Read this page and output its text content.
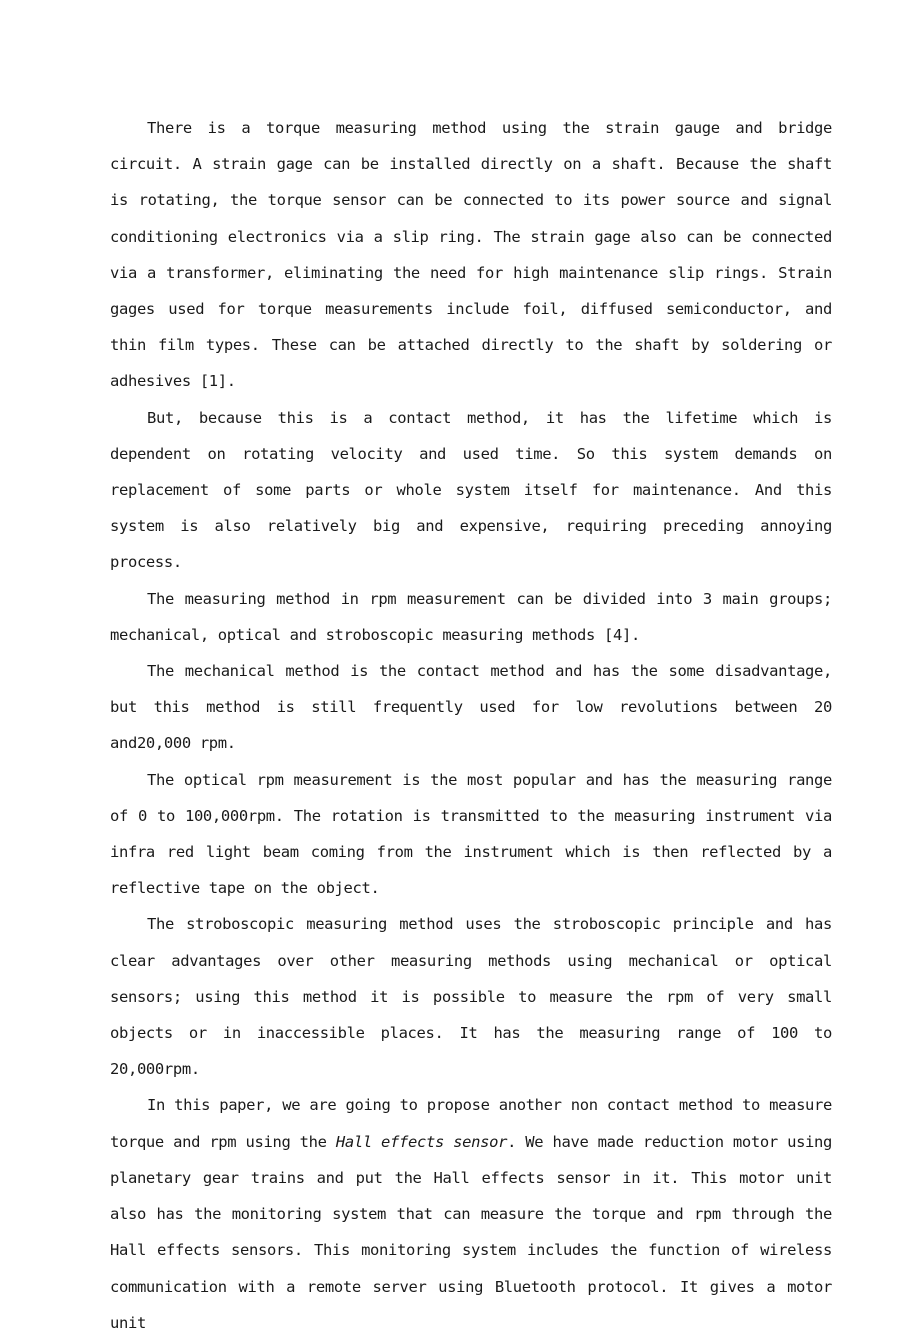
There is a torque measuring method using the strain gauge and bridge circuit. A strain gage can be installed directly on a shaft. Because the shaft is rotating, the torque sensor can be connected to its power source and signal conditioning electronics via a slip ring. The strain gage also can be connected via a transformer, eliminating the need for high maintenance slip rings. Strain gages used for torque measurements include foil, diffused semiconductor, and thin film types. These can be attached directly to the shaft by soldering or adhesives [1].

But, because this is a contact method, it has the lifetime which is dependent on rotating velocity and used time. So this system demands on replacement of some parts or whole system itself for maintenance. And this system is also relatively big and expensive, requiring preceding annoying process.

The measuring method in rpm measurement can be divided into 3 main groups; mechanical, optical and stroboscopic measuring methods [4].

The mechanical method is the contact method and has the some disadvantage, but this method is still frequently used for low revolutions between 20 and20,000 rpm.

The optical rpm measurement is the most popular and has the measuring range of 0 to 100,000rpm. The rotation is transmitted to the measuring instrument via infra red light beam coming from the instrument which is then reflected by a reflective tape on the object.

The stroboscopic measuring method uses the stroboscopic principle and has clear advantages over other measuring methods using mechanical or optical sensors; using this method it is possible to measure the rpm of very small objects or in inaccessible places. It has the measuring range of 100 to 20,000rpm.

In this paper, we are going to propose another non contact method to measure torque and rpm using the Hall effects sensor. We have made reduction motor using planetary gear trains and put the Hall effects sensor in it. This motor unit also has the monitoring system that can measure the torque and rpm through the Hall effects sensors. This monitoring system includes the function of wireless communication with a remote server using Bluetooth protocol. It gives a motor unit
